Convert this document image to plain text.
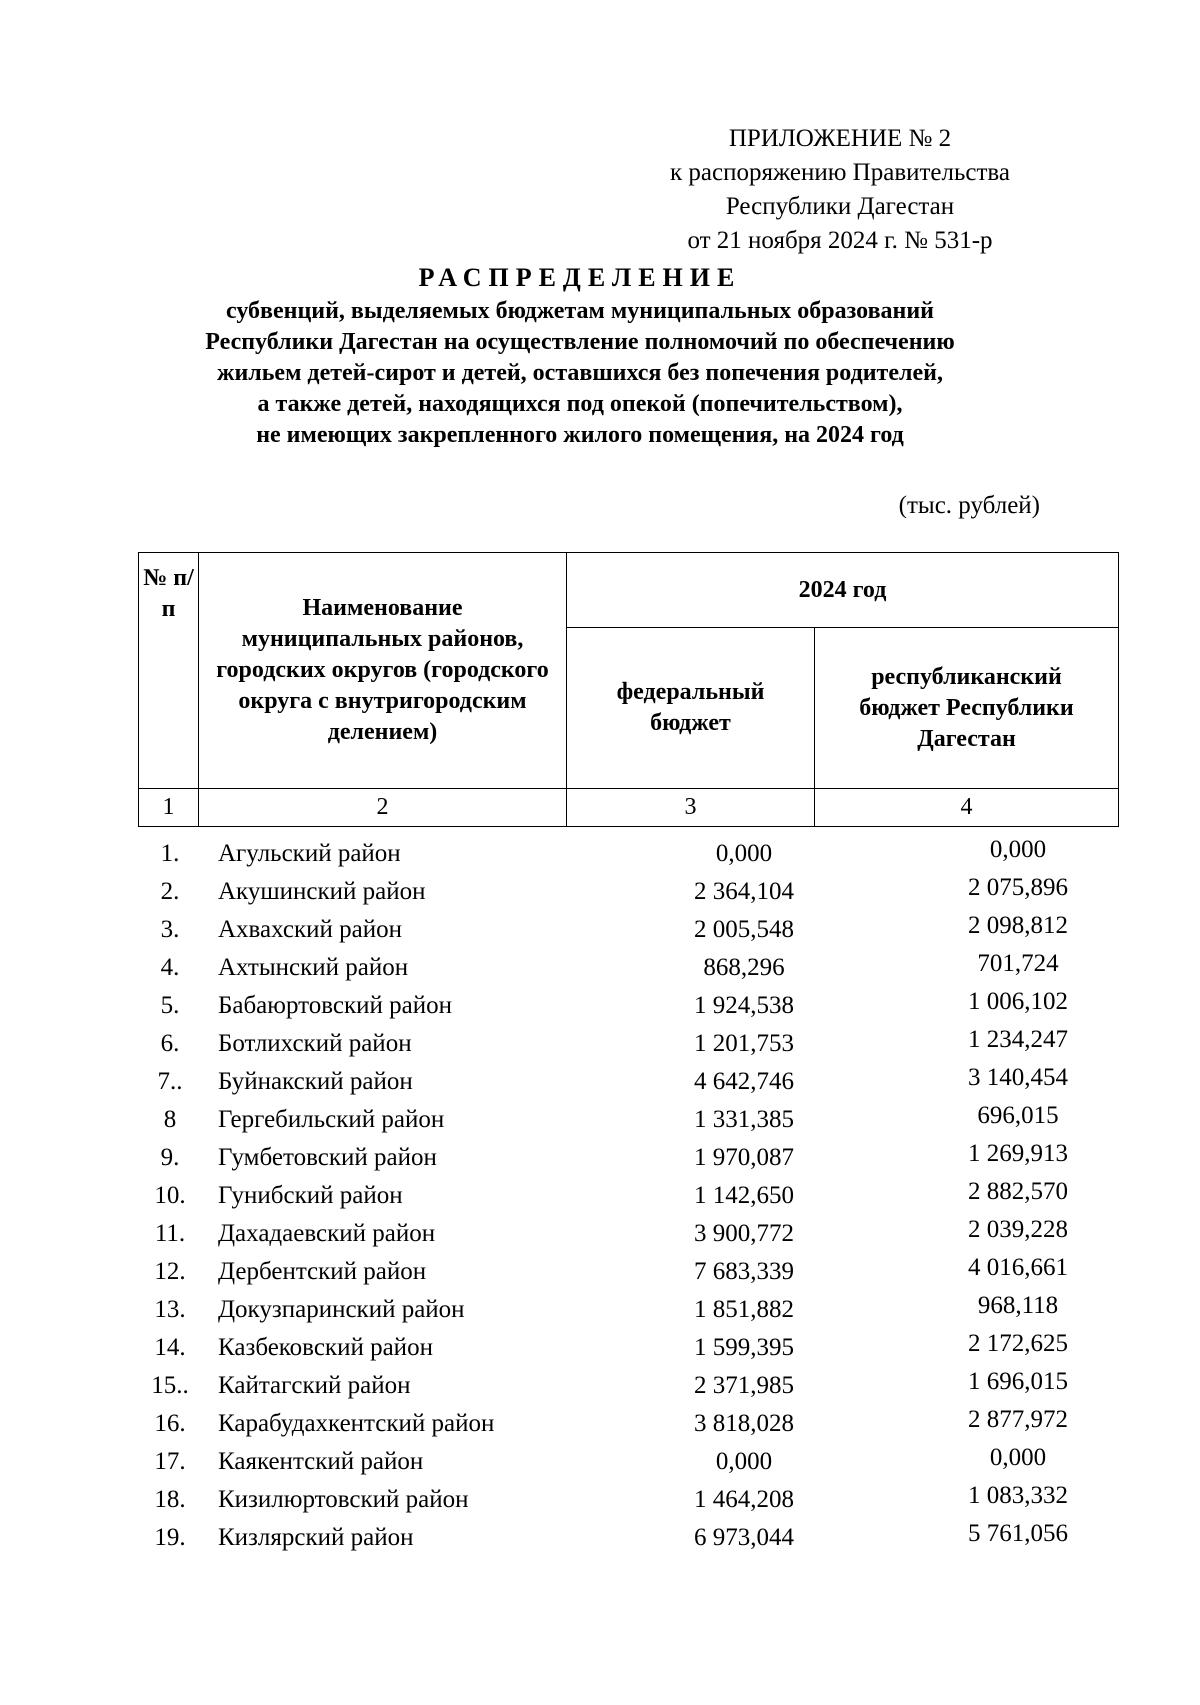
ПРИЛОЖЕНИЕ № 2
к распоряжению Правительства
Республики Дагестан
от 21 ноября 2024 г. № 531-р
РАСПРЕДЕЛЕНИЕ
субвенций, выделяемых бюджетам муниципальных образований
Республики Дагестан на осуществление полномочий по обеспечению
жильем детей-сирот и детей, оставшихся без попечения родителей,
а также детей, находящихся под опекой (попечительством),
не имеющих закрепленного жилого помещения, на 2024 год
(тыс. рублей)
№ п/п	Наименование муниципальных районов, городских округов (городского округа с внутригородским делением)	2024 год	
		федеральный бюджет	республиканский бюджет Республики Дагестан
1	2	3	4
1.	Агульский район	0,000	0,000
2.	Акушинский район	2 364,104	2 075,896
3.	Ахвахский район	2 005,548	2 098,812
4.	Ахтынский район	868,296	701,724
5.	Бабаюртовский район	1 924,538	1 006,102
6.	Ботлихский район	1 201,753	1 234,247
7..	Буйнакский район	4 642,746	3 140,454
8	Гергебильский район	1 331,385	696,015
9.	Гумбетовский район	1 970,087	1 269,913
10.	Гунибский район	1 142,650	2 882,570
11.	Дахадаевский район	3 900,772	2 039,228
12.	Дербентский район	7 683,339	4 016,661
13.	Докузпаринский район	1 851,882	968,118
14.	Казбековский район	1 599,395	2 172,625
15..	Кайтагский район	2 371,985	1 696,015
16.	Карабудахкентский район	3 818,028	2 877,972
17.	Каякентский район	0,000	0,000
18.	Кизилюртовский район	1 464,208	1 083,332
19.	Кизлярский район	6 973,044	5 761,056
